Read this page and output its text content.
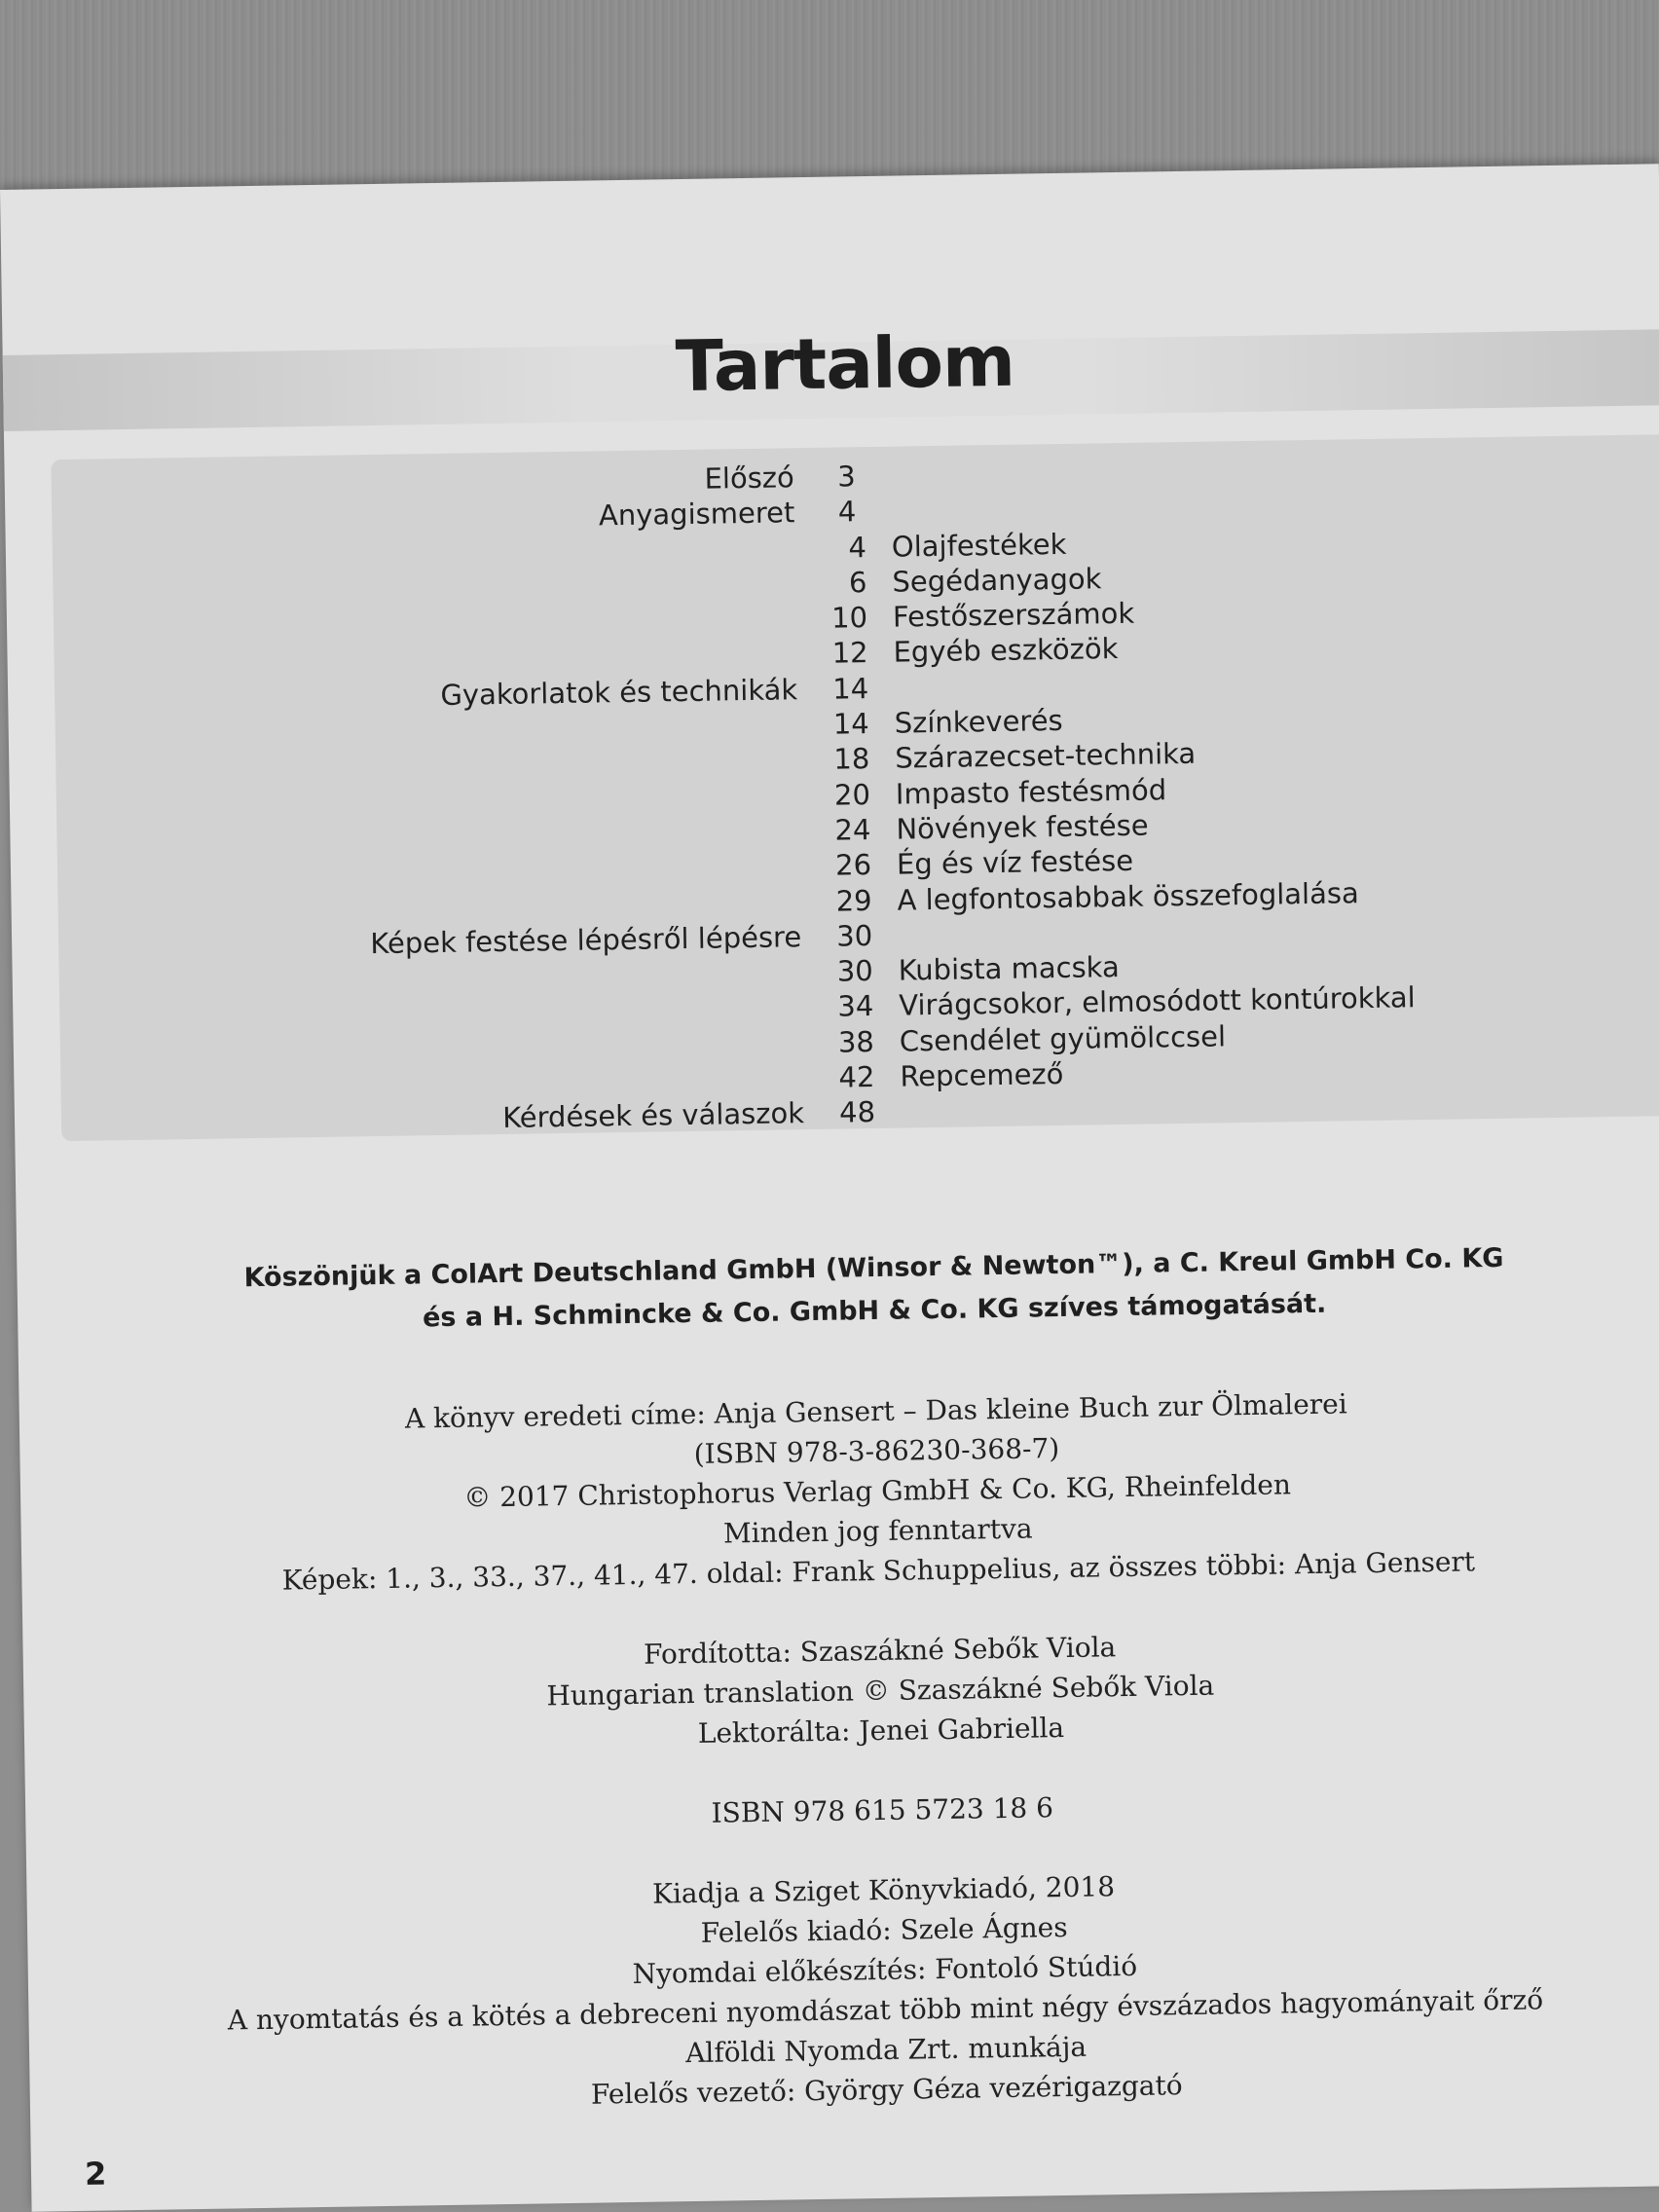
Tartalom
Előszó 3
Anyagismeret 4
4 Olajfestékek
6 Segédanyagok
10 Festőszerszámok
12 Egyéb eszközök
Gyakorlatok és technikák 14
14 Színkeverés
18 Szárazecset-technika
20 Impasto festésmód
24 Növények festése
26 Ég és víz festése
29 A legfontosabbak összefoglalása
Képek festése lépésről lépésre 30
30 Kubista macska
34 Virágcsokor, elmosódott kontúrokkal
38 Csendélet gyümölccsel
42 Repcemező
Kérdések és válaszok 48
Köszönjük a ColArt Deutschland GmbH (Winsor & Newton™), a C. Kreul GmbH Co. KG
és a H. Schmincke & Co. GmbH & Co. KG szíves támogatását.
A könyv eredeti címe: Anja Gensert – Das kleine Buch zur Ölmalerei
(ISBN 978-3-86230-368-7)
© 2017 Christophorus Verlag GmbH & Co. KG, Rheinfelden
Minden jog fenntartva
Képek: 1., 3., 33., 37., 41., 47. oldal: Frank Schuppelius, az összes többi: Anja Gensert
Fordította: Szaszákné Sebők Viola
Hungarian translation © Szaszákné Sebők Viola
Lektorálta: Jenei Gabriella
ISBN 978 615 5723 18 6
Kiadja a Sziget Könyvkiadó, 2018
Felelős kiadó: Szele Ágnes
Nyomdai előkészítés: Fontoló Stúdió
A nyomtatás és a kötés a debreceni nyomdászat több mint négy évszázados hagyományait őrző
Alföldi Nyomda Zrt. munkája
Felelős vezető: György Géza vezérigazgató
2
